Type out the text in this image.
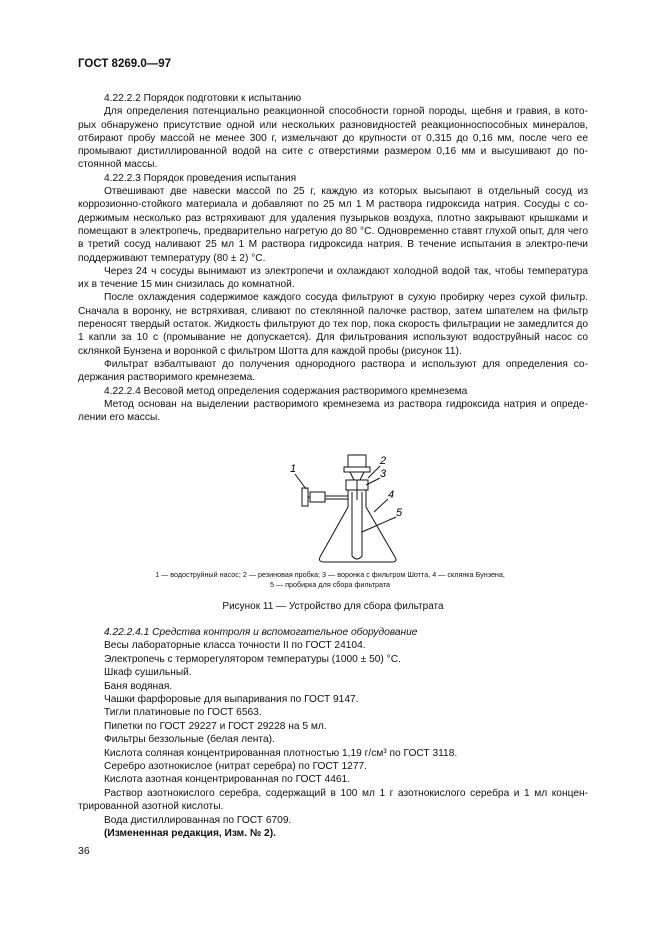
ГОСТ 8269.0—97

4.22.2.2 Порядок подготовки к испытанию

Для определения потенциально реакционной способности горной породы, щебня и гравия, в кото-рых обнаружено присутствие одной или нескольких разновидностей реакционноспособных минералов, отбирают пробу массой не менее 300 г, измельчают до крупности от 0,315 до 0,16 мм, после чего ее промывают дистиллированной водой на сите с отверстиями размером 0,16 мм и высушивают до по-стоянной массы.

4.22.2.3 Порядок проведения испытания

Отвешивают две навески массой по 25 г, каждую из которых высыпают в отдельный сосуд из коррозионно-стойкого материала и добавляют по 25 мл 1 М раствора гидроксида натрия. Сосуды с со-держимым несколько раз встряхивают для удаления пузырьков воздуха, плотно закрывают крышками и помещают в электропечь, предварительно нагретую до 80 °С. Одновременно ставят глухой опыт, для чего в третий сосуд наливают 25 мл 1 М раствора гидроксида натрия. В течение испытания в электро-печи поддерживают температуру (80 ± 2) °С.

Через 24 ч сосуды вынимают из электропечи и охлаждают холодной водой так, чтобы температура их в течение 15 мин снизилась до комнатной.

После охлаждения содержимое каждого сосуда фильтруют в сухую пробирку через сухой фильтр. Сначала в воронку, не встряхивая, сливают по стеклянной палочке раствор, затем шпателем на фильтр переносят твердый остаток. Жидкость фильтруют до тех пор, пока скорость фильтрации не замедлится до 1 капли за 10 с (промывание не допускается). Для фильтрования используют водоструйный насос со склянкой Бунзена и воронкой с фильтром Шотта для каждой пробы (рисунок 11).

Фильтрат взбалтывают до получения однородного раствора и используют для определения со-держания растворимого кремнезема.

4.22.2.4 Весовой метод определения содержания растворимого кремнезема

Метод основан на выделении растворимого кремнезема из раствора гидроксида натрия и опреде-лении его массы.

1
2
3
4
5
1 — водоструйный насос; 2 — резиновая пробка; 3 — воронка с фильтром Шотта, 4 — склянка Бунзена,
5 — пробирка для сбора фильтрата
Рисунок 11 — Устройство для сбора фильтрата

4.22.2.4.1 Средства контроля и вспомогательное оборудование

Весы лабораторные класса точности II по ГОСТ 24104.

Электропечь с терморегулятором температуры (1000 ± 50) °С.

Шкаф сушильный.

Баня водяная.

Чашки фарфоровые для выпаривания по ГОСТ 9147.

Тигли платиновые по ГОСТ 6563.

Пипетки по ГОСТ 29227 и ГОСТ 29228 на 5 мл.

Фильтры беззольные (белая лента).

Кислота соляная концентрированная плотностью 1,19 г/см³ по ГОСТ 3118.

Серебро азотнокислое (нитрат серебра) по ГОСТ 1277.

Кислота азотная концентрированная по ГОСТ 4461.

Раствор азотнокислого серебра, содержащий в 100 мл 1 г азотнокислого серебра и 1 мл концен-трированной азотной кислоты.

Вода дистиллированная по ГОСТ 6709.

(Измененная редакция, Изм. № 2).

36
